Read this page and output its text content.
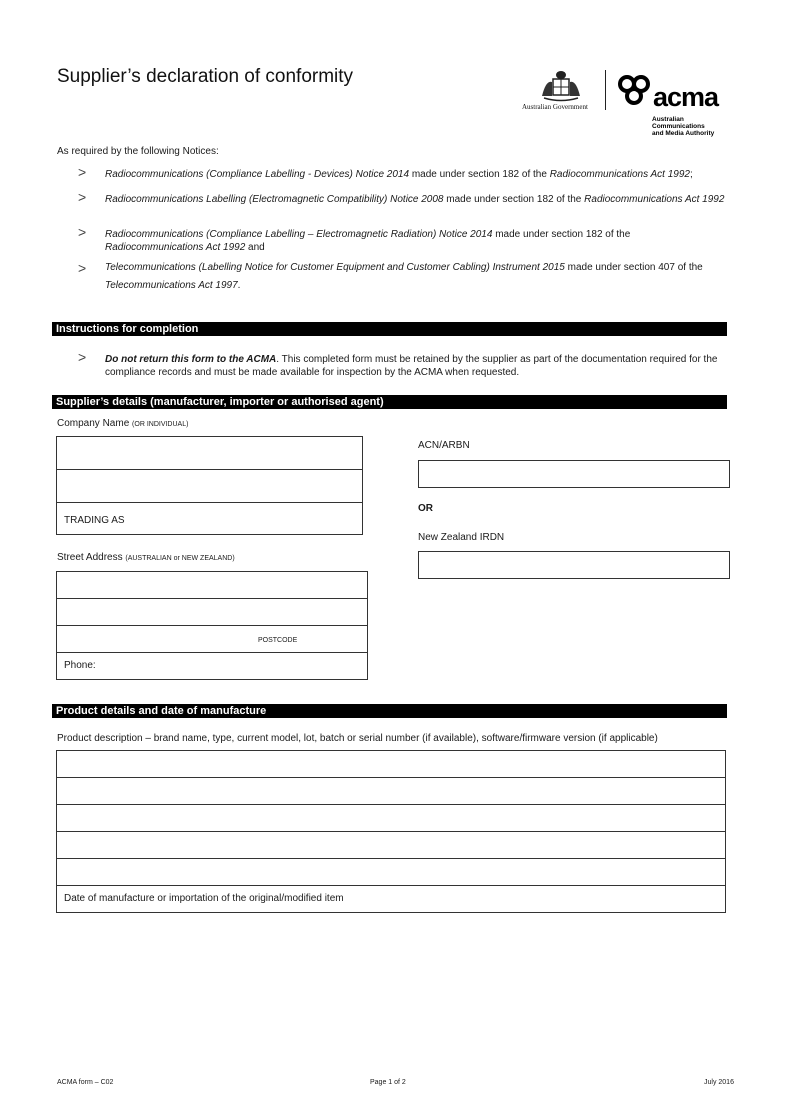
Supplier’s declaration of conformity
Australian Government acma
Australian
Communications
and Media Authority
As required by the following Notices:
> Radiocommunications (Compliance Labelling - Devices) Notice 2014 made under section 182 of the Radiocommunications Act 1992;
> Radiocommunications Labelling (Electromagnetic Compatibility) Notice 2008 made under section 182 of the Radiocommunications Act 1992
> Radiocommunications (Compliance Labelling – Electromagnetic Radiation) Notice 2014 made under section 182 of the Radiocommunications Act 1992 and
> Telecommunications (Labelling Notice for Customer Equipment and Customer Cabling) Instrument 2015 made under section 407 of the Telecommunications Act 1997.
Instructions for completion
> Do not return this form to the ACMA. This completed form must be retained by the supplier as part of the documentation required for the compliance records and must be made available for inspection by the ACMA when requested.
Supplier’s details (manufacturer, importer or authorised agent)
Company Name (OR INDIVIDUAL)
TRADING AS
ACN/ARBN
OR
New Zealand IRDN
Street Address (AUSTRALIAN or NEW ZEALAND)
POSTCODE
Phone:
Product details and date of manufacture
Product description – brand name, type, current model, lot, batch or serial number (if available), software/firmware version (if applicable)
Date of manufacture or importation of the original/modified item
ACMA form – C02	Page 1 of 2	July 2016
